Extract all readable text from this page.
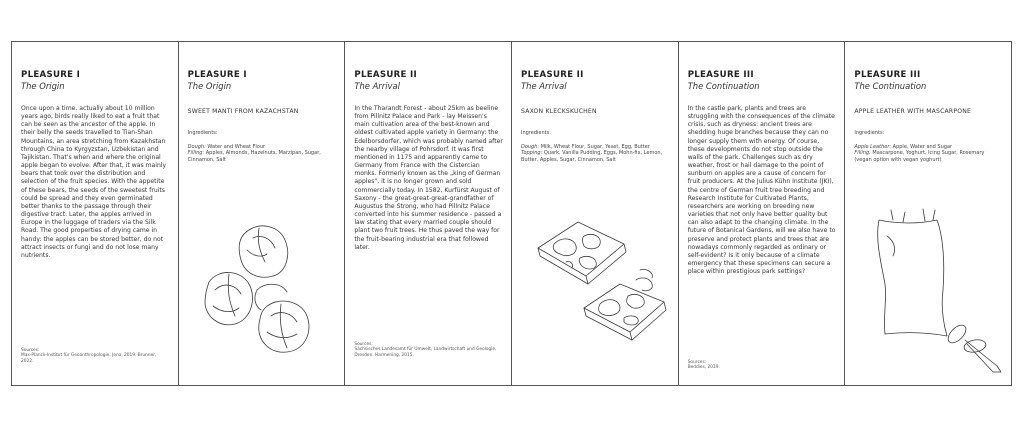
PLEASURE I
The Origin
Once upon a time, actually about 10 million years ago, birds really liked to eat a fruit that can be seen as the ancestor of the apple. In their belly the seeds travelled to Tian-Shan Mountains, an area stretching from Kazakhstan through China to Kyrgyzstan, Uzbekistan and Tajikistan. That's when and where the original apple began to evolve. After that, it was mainly bears that took over the distribution and selection of the fruit species. With the appetite of these bears, the seeds of the sweetest fruits could be spread and they even germinated better thanks to the passage through their digestive tract. Later, the apples arrived in Europe in the luggage of traders via the Silk Road. The good properties of drying came in handy: the apples can be stored better, do not attract insects or fungi and do not lose many nutrients.
Sources:
Max-Planck-Institut für Geoanthropologie, Jena, 2019. Brunner, 2022.
PLEASURE I
The Origin
SWEET MANTI FROM KAZACHSTAN
Ingredients:
Dough: Water and Wheat Flour
Filling: Apples, Almonds, Hazelnuts, Marzipan, Sugar, Cinnamon, Salt
PLEASURE II
The Arrival
In the Tharandt Forest - about 25km as beeline from Pillnitz Palace and Park - lay Meissen's main cultivation area of the best-known and oldest cultivated apple variety in Germany: the Edelborsdorfer, which was probably named after the nearby village of Pohrsdorf. It was first mentioned in 1175 and apparently came to Germany from France with the Cistercian monks. Formerly known as the „king of German apples", it is no longer grown and sold commercially today. In 1582, Kurfürst August of Saxony - the great-great-great-grandfather of Augustus the Strong, who had Pillnitz Palace converted into his summer residence - passed a law stating that every married couple should plant two fruit trees. He thus paved the way for the fruit-bearing industrial era that followed later.
Sources:
Sächsisches Landesamt für Umwelt, Landwirtschaft und Geologie, Dresden. Harmening, 2015.
PLEASURE II
The Arrival
SAXON KLECKSKUCHEN
Ingredients:
Dough: Milk, Wheat Flour, Sugar, Yeast, Egg, Butter
Topping: Quark, Vanilla Pudding, Eggs, Mohn-fix, Lemon, Butter, Apples, Sugar, Cinnamon, Salt
PLEASURE III
The Continuation
In the castle park, plants and trees are struggling with the consequences of the climate crisis, such as dryness: ancient trees are shedding huge branches because they can no longer supply them with energy. Of course, these developments do not stop outside the walls of the park. Challenges such as dry weather, frost or hail damage to the point of sunburn on apples are a cause of concern for fruit producers. At the Julius Kühn Institute (JKI), the centre of German fruit tree breeding and Research Institute for Cultivated Plants, researchers are working on breeding new varieties that not only have better quality but can also adapt to the changing climate. In the future of Botanical Gardens, will we also have to preserve and protect plants and trees that are nowadays commonly regarded as ordinary or self-evident? Is it only because of a climate emergency that these specimens can secure a place within prestigious park settings?
Sources:
Beddies, 2019.
PLEASURE III
The Continuation
APPLE LEATHER WITH MASCARPONE
Ingredients:
Apple Leather: Apple, Water and Sugar
Filling: Mascarpone, Yoghurt, Icing Sugar, Rosemary (vegan option with vegan yoghurt)
